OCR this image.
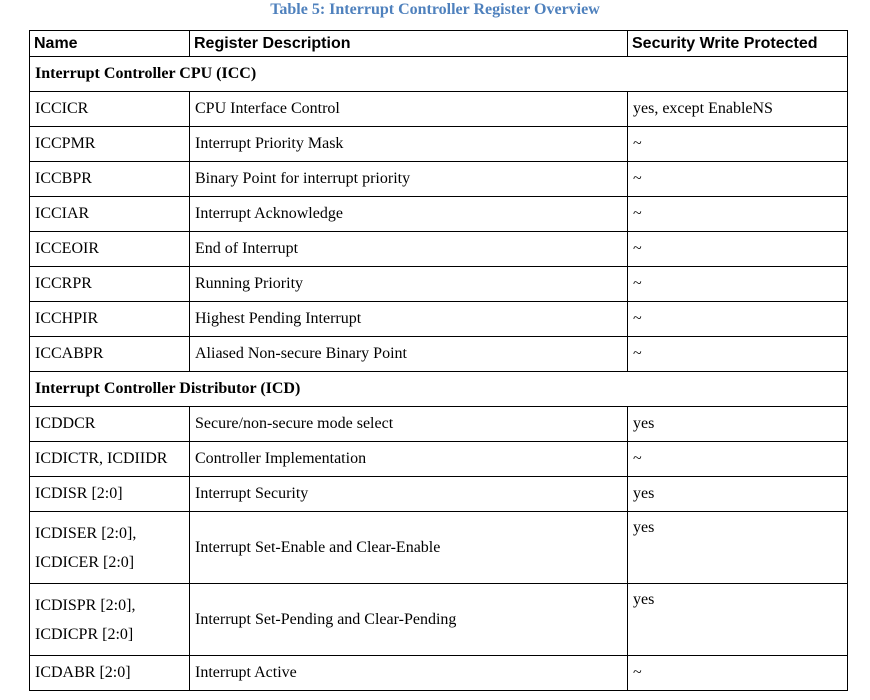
Table 5: Interrupt Controller Register Overview
Name	Register Description	Security Write Protected
Interrupt Controller CPU (ICC)		

ICCICR	CPU Interface Control	yes, except EnableNS

ICCPMR	Interrupt Priority Mask	~

ICCBPR	Binary Point for interrupt priority	~

ICCIAR	Interrupt Acknowledge	~

ICCEOIR	End of Interrupt	~

ICCRPR	Running Priority	~

ICCHPIR	Highest Pending Interrupt	~

ICCABPR	Aliased Non-secure Binary Point	~
Interrupt Controller Distributor (ICD)		

ICDDCR	Secure/non-secure mode select	yes

ICDICTR, ICDIIDR	Controller Implementation	~

ICDISR [2:0]	Interrupt Security	yes

ICDISER [2:0],
ICDICER [2:0]	Interrupt Set-Enable and Clear-Enable	yes

ICDISPR [2:0],
ICDICPR [2:0]	Interrupt Set-Pending and Clear-Pending	yes

ICDABR [2:0]	Interrupt Active	~
